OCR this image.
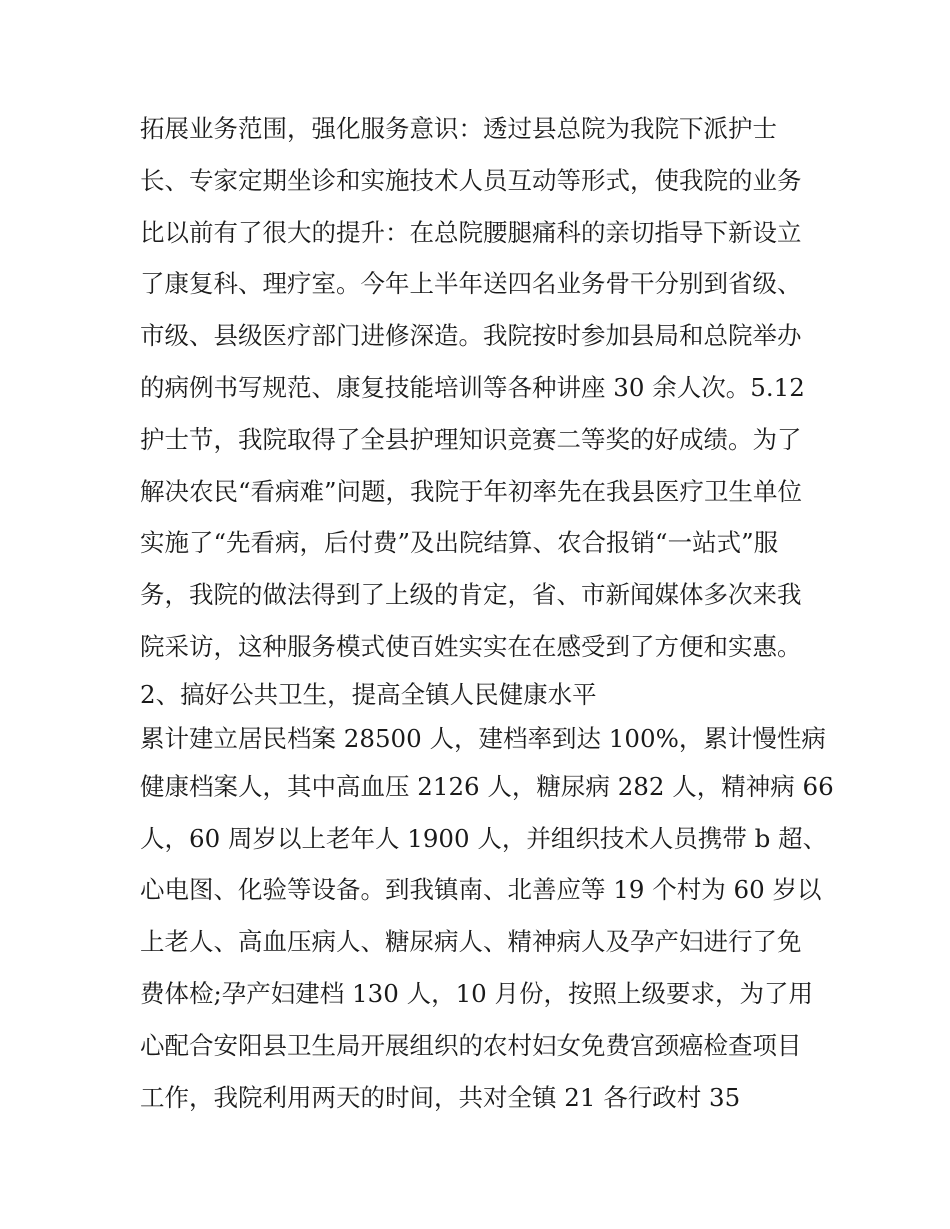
拓展业务范围，强化服务意识：透过县总院为我院下派护士
长、专家定期坐诊和实施技术人员互动等形式，使我院的业务
比以前有了很大的提升：在总院腰腿痛科的亲切指导下新设立
了康复科、理疗室。今年上半年送四名业务骨干分别到省级、
市级、县级医疗部门进修深造。我院按时参加县局和总院举办
的病例书写规范、康复技能培训等各种讲座 30 余人次。5.12
护士节，我院取得了全县护理知识竞赛二等奖的好成绩。为了
解决农民“看病难”问题，我院于年初率先在我县医疗卫生单位
实施了“先看病，后付费”及出院结算、农合报销“一站式”服
务，我院的做法得到了上级的肯定，省、市新闻媒体多次来我
院采访，这种服务模式使百姓实实在在感受到了方便和实惠。
2、搞好公共卫生，提高全镇人民健康水平
累计建立居民档案 28500 人，建档率到达 100%，累计慢性病
健康档案人，其中高血压 2126 人，糖尿病 282 人，精神病 66
人，60 周岁以上老年人 1900 人，并组织技术人员携带 b 超、
心电图、化验等设备。到我镇南、北善应等 19 个村为 60 岁以
上老人、高血压病人、糖尿病人、精神病人及孕产妇进行了免
费体检;孕产妇建档 130 人，10 月份，按照上级要求，为了用
心配合安阳县卫生局开展组织的农村妇女免费宫颈癌检查项目
工作，我院利用两天的时间，共对全镇 21 各行政村 35
